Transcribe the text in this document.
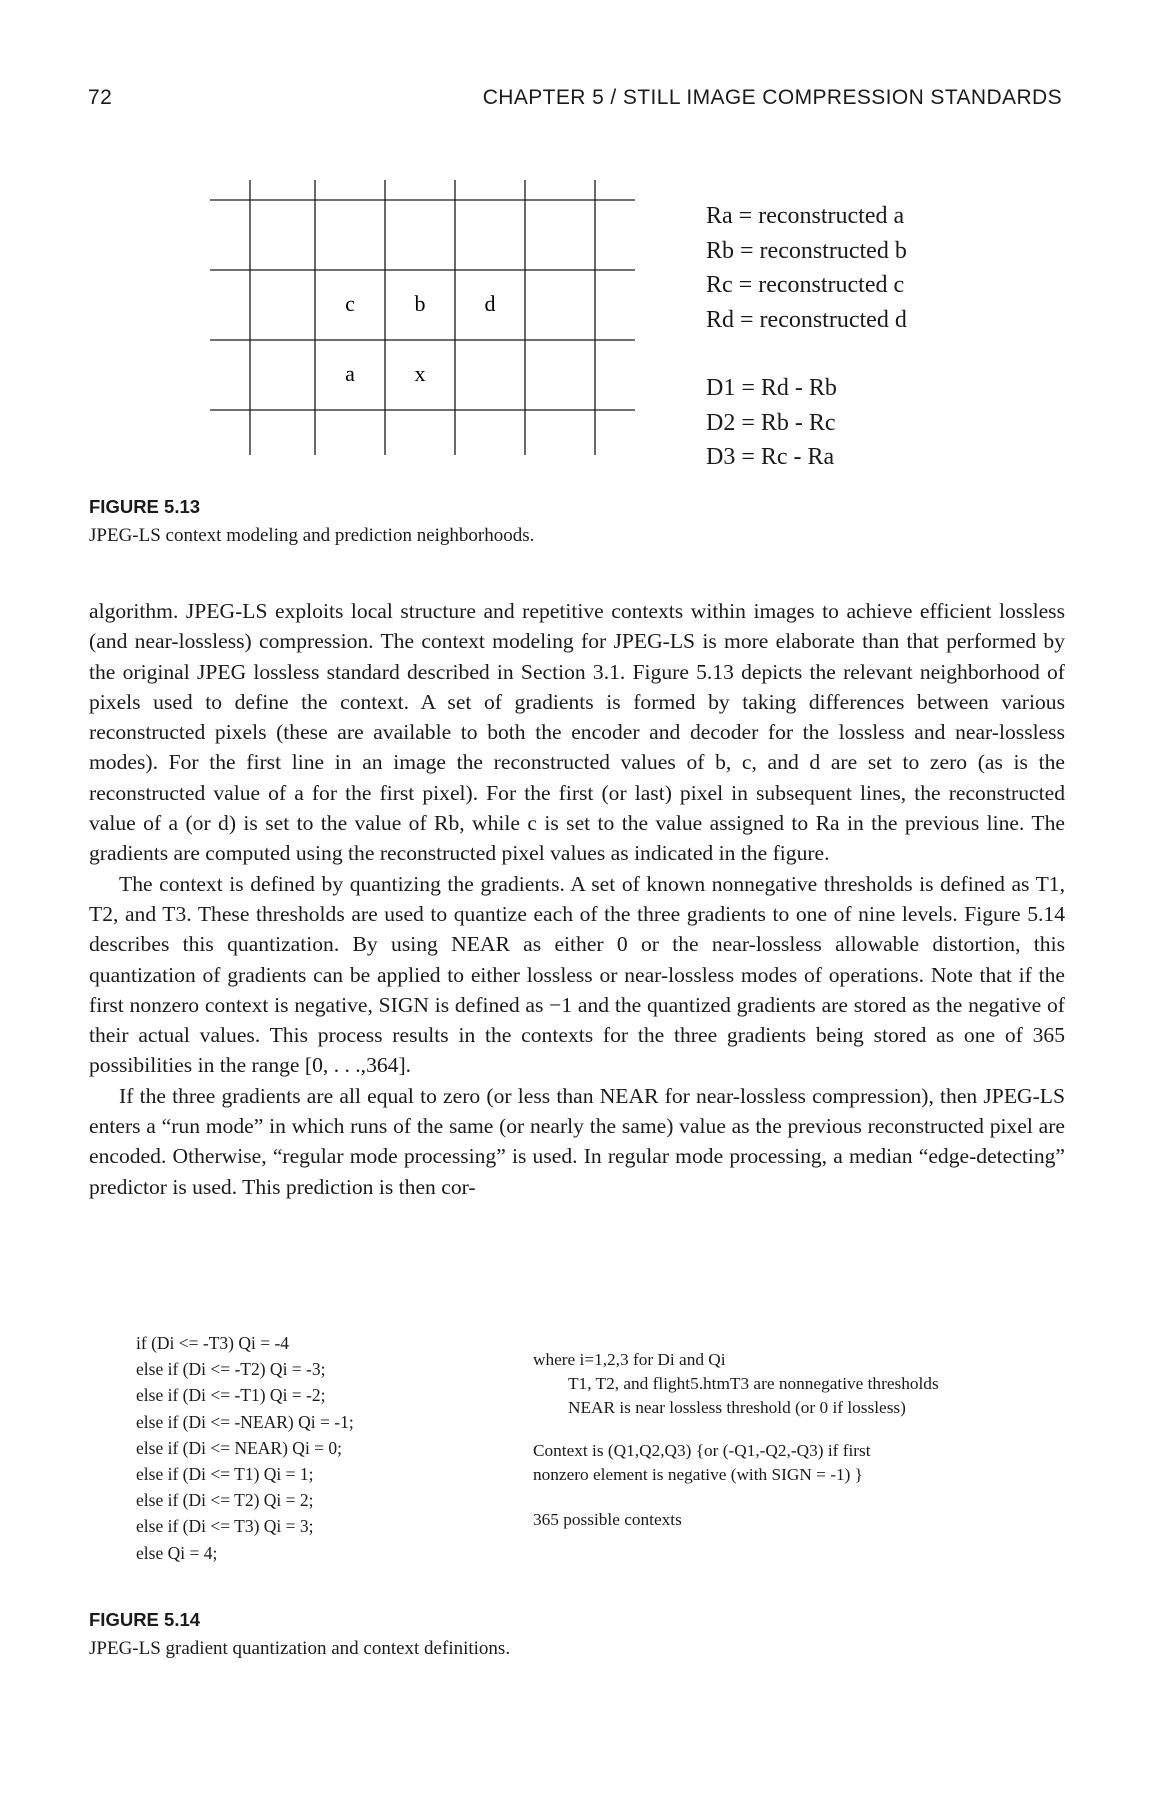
72	CHAPTER 5 / STILL IMAGE COMPRESSION STANDARDS
c	b	d
a	x
Ra = reconstructed a
Rb = reconstructed b
Rc = reconstructed c
Rd = reconstructed d
D1 = Rd - Rb
D2 = Rb - Rc
D3 = Rc - Ra
FIGURE 5.13
JPEG-LS context modeling and prediction neighborhoods.

algorithm. JPEG-LS exploits local structure and repetitive contexts within images to achieve efficient lossless (and near-lossless) compression. The context modeling for JPEG-LS is more elaborate than that performed by the original JPEG lossless standard described in Section 3.1. Figure 5.13 depicts the relevant neighborhood of pixels used to define the context. A set of gradients is formed by taking differences between various reconstructed pixels (these are available to both the encoder and decoder for the lossless and near-lossless modes). For the first line in an image the reconstructed values of b, c, and d are set to zero (as is the reconstructed value of a for the first pixel). For the first (or last) pixel in subsequent lines, the reconstructed value of a (or d) is set to the value of Rb, while c is set to the value assigned to Ra in the previous line. The gradients are computed using the reconstructed pixel values as indicated in the figure.

The context is defined by quantizing the gradients. A set of known nonnegative thresholds is defined as T1, T2, and T3. These thresholds are used to quantize each of the three gradients to one of nine levels. Figure 5.14 describes this quantization. By using NEAR as either 0 or the near-lossless allowable distortion, this quantization of gradients can be applied to either lossless or near-lossless modes of operations. Note that if the first nonzero context is negative, SIGN is defined as −1 and the quantized gradients are stored as the negative of their actual values. This process results in the contexts for the three gradients being stored as one of 365 possibilities in the range [0, . . .,364].

If the three gradients are all equal to zero (or less than NEAR for near-lossless compression), then JPEG-LS enters a “run mode” in which runs of the same (or nearly the same) value as the previous reconstructed pixel are encoded. Otherwise, “regular mode processing” is used. In regular mode processing, a median “edge-detecting” predictor is used. This prediction is then cor-

if (Di <= -T3) Qi = -4
else if (Di <= -T2) Qi = -3;
else if (Di <= -T1) Qi = -2;
else if (Di <= -NEAR) Qi = -1;
else if (Di <= NEAR) Qi = 0;
else if (Di <= T1) Qi = 1;
else if (Di <= T2) Qi = 2;
else if (Di <= T3) Qi = 3;
else Qi = 4;
where i=1,2,3 for Di and Qi
T1, T2, and flight5.htmT3 are nonnegative thresholds
NEAR is near lossless threshold (or 0 if lossless)
Context is (Q1,Q2,Q3) {or (-Q1,-Q2,-Q3) if first
nonzero element is negative (with SIGN = -1) }
365 possible contexts
FIGURE 5.14
JPEG-LS gradient quantization and context definitions.
